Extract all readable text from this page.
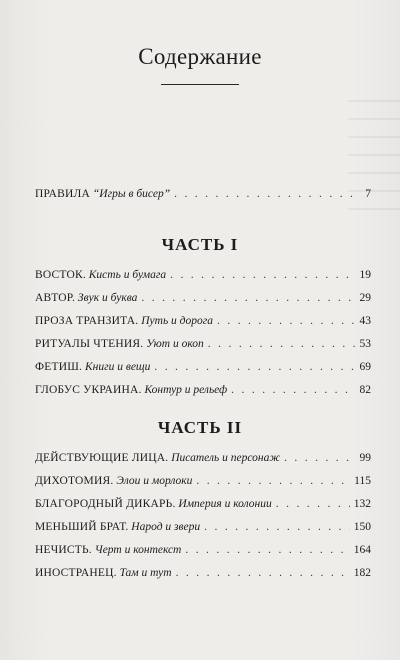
Содержание
ПРАВИЛА “Игры в бисер” . . .	7
ЧАСТЬ I
ВОСТОК. Кисть и бумага . . .	19
АВТОР. Звук и буква . . .	29
ПРОЗА ТРАНЗИТА. Путь и дорога . . .	43
РИТУАЛЫ ЧТЕНИЯ. Уют и окоп . . .	53
ФЕТИШ. Книги и вещи . . .	69
ГЛОБУС УКРАИНА. Контур и рельеф . . .	82
ЧАСТЬ II
ДЕЙСТВУЮЩИЕ ЛИЦА. Писатель и персонаж . . .	99
ДИХОТОМИЯ. Элои и морлоки . . .	115
БЛАГОРОДНЫЙ ДИКАРЬ. Империя и колонии . . .	132
МЕНЬШИЙ БРАТ. Народ и звери . . .	150
НЕЧИСТЬ. Черт и контекст . . .	164
ИНОСТРАНЕЦ. Там и тут . . .	182
